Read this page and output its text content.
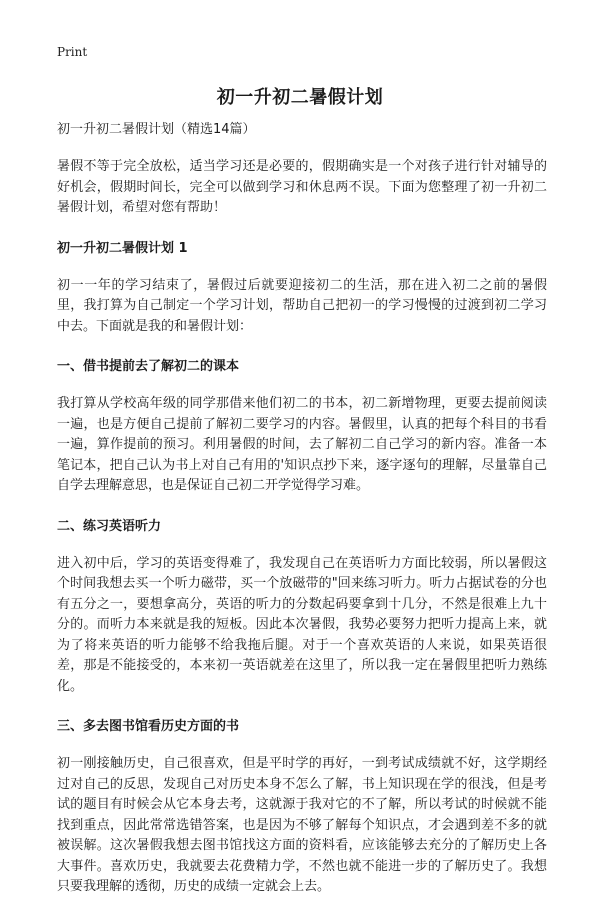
Print
初一升初二暑假计划
初一升初二暑假计划（精选14篇）

暑假不等于完全放松，适当学习还是必要的，假期确实是一个对孩子进行针对辅导的好机会，假期时间长，完全可以做到学习和休息两不误。下面为您整理了初一升初二暑假计划，希望对您有帮助！

初一升初二暑假计划 1

初一一年的学习结束了，暑假过后就要迎接初二的生活，那在进入初二之前的暑假里，我打算为自己制定一个学习计划，帮助自己把初一的学习慢慢的过渡到初二学习中去。下面就是我的和暑假计划：

一、借书提前去了解初二的课本

我打算从学校高年级的同学那借来他们初二的书本，初二新增物理，更要去提前阅读一遍，也是方便自己提前了解初二要学习的内容。暑假里，认真的把每个科目的书看一遍，算作提前的预习。利用暑假的时间，去了解初二自己学习的新内容。准备一本笔记本，把自己认为书上对自己有用的'知识点抄下来，逐字逐句的理解，尽量靠自己自学去理解意思，也是保证自己初二开学觉得学习难。

二、练习英语听力

进入初中后，学习的英语变得难了，我发现自己在英语听力方面比较弱，所以暑假这个时间我想去买一个听力磁带，买一个放磁带的"回来练习听力。听力占据试卷的分也有五分之一，要想拿高分，英语的听力的分数起码要拿到十几分，不然是很难上九十分的。而听力本来就是我的短板。因此本次暑假，我势必要努力把听力提高上来，就为了将来英语的听力能够不给我拖后腿。对于一个喜欢英语的人来说，如果英语很差，那是不能接受的，本来初一英语就差在这里了，所以我一定在暑假里把听力熟练化。

三、多去图书馆看历史方面的书

初一刚接触历史，自己很喜欢，但是平时学的再好，一到考试成绩就不好，这学期经过对自己的反思，发现自己对历史本身不怎么了解，书上知识现在学的很浅，但是考试的题目有时候会从它本身去考，这就源于我对它的不了解，所以考试的时候就不能找到重点，因此常常选错答案，也是因为不够了解每个知识点，才会遇到差不多的就被误解。这次暑假我想去图书馆找这方面的资料看，应该能够去充分的了解历史上各大事件。喜欢历史，我就要去花费精力学，不然也就不能进一步的了解历史了。我想只要我理解的透彻，历史的成绩一定就会上去。
